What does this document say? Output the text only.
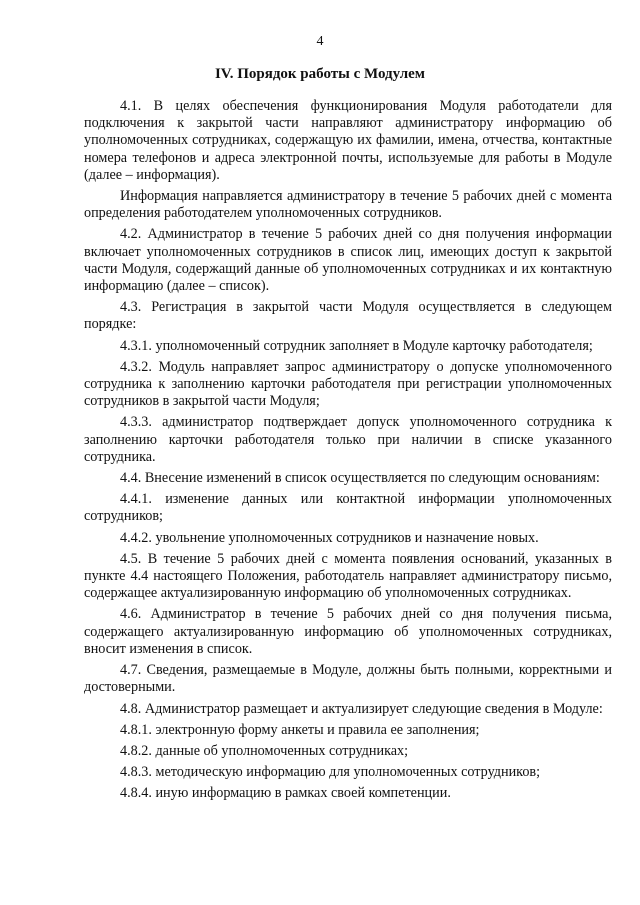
4
IV. Порядок работы с Модулем

4.1. В целях обеспечения функционирования Модуля работодатели для подключения к закрытой части направляют администратору информацию об уполномоченных сотрудниках, содержащую их фамилии, имена, отчества, контактные номера телефонов и адреса электронной почты, используемые для работы в Модуле (далее – информация).

Информация направляется администратору в течение 5 рабочих дней с момента определения работодателем уполномоченных сотрудников.

4.2. Администратор в течение 5 рабочих дней со дня получения информации включает уполномоченных сотрудников в список лиц, имеющих доступ к закрытой части Модуля, содержащий данные об уполномоченных сотрудниках и их контактную информацию (далее – список).

4.3. Регистрация в закрытой части Модуля осуществляется в следующем порядке:

4.3.1. уполномоченный сотрудник заполняет в Модуле карточку работодателя;

4.3.2. Модуль направляет запрос администратору о допуске уполномоченного сотрудника к заполнению карточки работодателя при регистрации уполномоченных сотрудников в закрытой части Модуля;

4.3.3. администратор подтверждает допуск уполномоченного сотрудника к заполнению карточки работодателя только при наличии в списке указанного сотрудника.

4.4. Внесение изменений в список осуществляется по следующим основаниям:

4.4.1. изменение данных или контактной информации уполномоченных сотрудников;

4.4.2. увольнение уполномоченных сотрудников и назначение новых.

4.5. В течение 5 рабочих дней с момента появления оснований, указанных в пункте 4.4 настоящего Положения, работодатель направляет администратору письмо, содержащее актуализированную информацию об уполномоченных сотрудниках.

4.6. Администратор в течение 5 рабочих дней со дня получения письма, содержащего актуализированную информацию об уполномоченных сотрудниках, вносит изменения в список.

4.7. Сведения, размещаемые в Модуле, должны быть полными, корректными и достоверными.

4.8. Администратор размещает и актуализирует следующие сведения в Модуле:

4.8.1. электронную форму анкеты и правила ее заполнения;

4.8.2. данные об уполномоченных сотрудниках;

4.8.3. методическую информацию для уполномоченных сотрудников;

4.8.4. иную информацию в рамках своей компетенции.
